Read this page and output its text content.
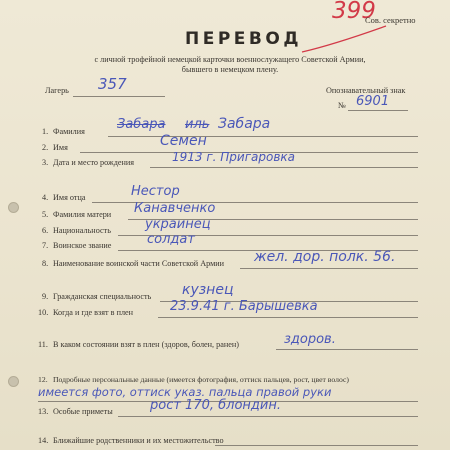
399
Сов. секретно
ПЕРЕВОД
с личной трофейной немецкой карточки военнослужащего Советской Армии,
бывшего в немецком плену.
Лагерь 357	Опознавательный знак
№ 6901
1. Фамилия Забара иль Забара
2. Имя	Семен
3. Дата и место рождения	1913 г. Пригаровка
4. Имя отца	Нестор
5. Фамилия матери Канавченко
6. Национальность	украинец
7. Воинское звание	солдат
8. Наименование воинской части Советской Армии жел. дор. полк. 56.
9. Гражданская специальность кузнец
10. Когда и где взят в плен	23.9.41 г. Барышевка
11. В каком состоянии взят в плен (здоров, болен, ранен)	здоров.
12. Подробные персональные данные (имеется фотография, оттиск пальцев, рост, цвет волос)
имеется фото, оттиск указ. пальца правой руки
13. Особые приметы	рост 170, блондин.
14. Ближайшие родственники и их местожительство
